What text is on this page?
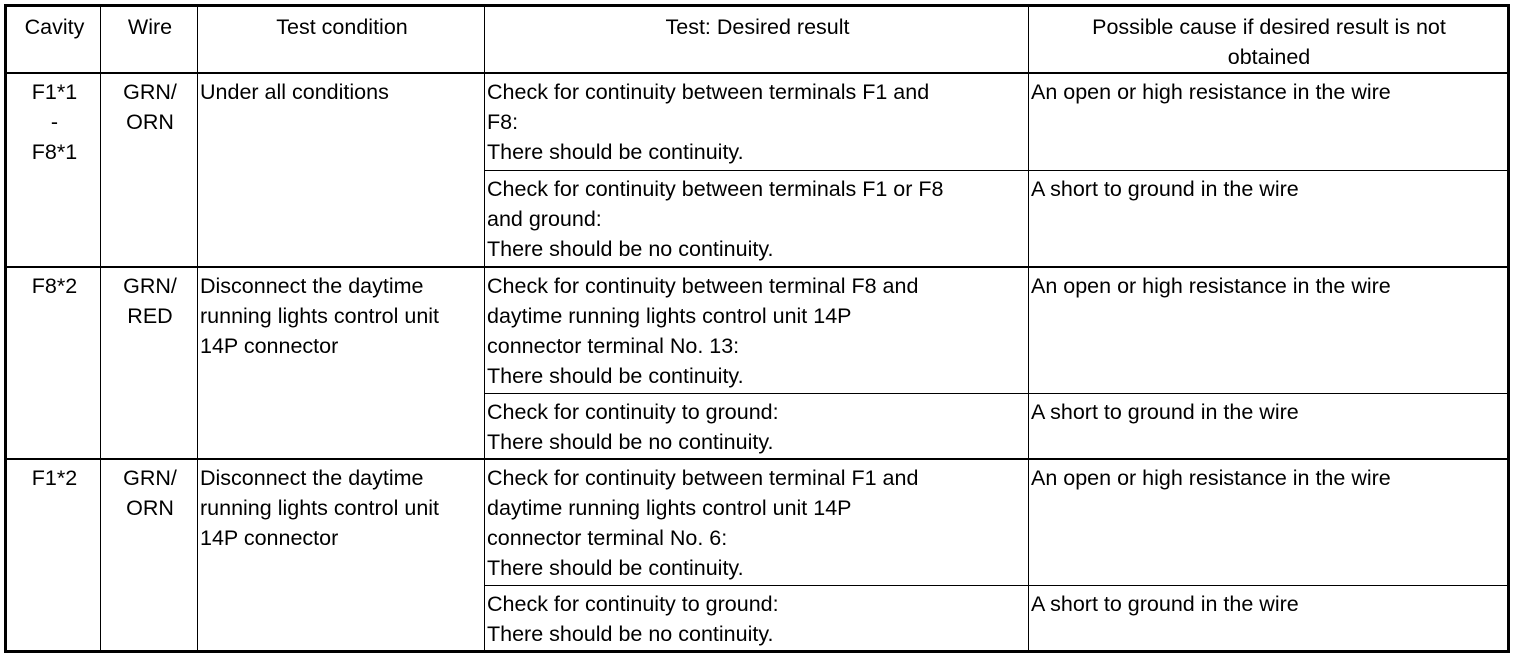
Cavity	Wire	Test condition	Test: Desired result	Possible cause if desired result is not
obtained

F1*1
-
F8*1	GRN/
ORN	Under all conditions	Check for continuity between terminals F1 and
F8:
There should be continuity.	An open or high resistance in the wire

			Check for continuity between terminals F1 or F8
and ground:
There should be no continuity.	A short to ground in the wire

F8*2	GRN/
RED	Disconnect the daytime
running lights control unit
14P connector	Check for continuity between terminal F8 and
daytime running lights control unit 14P
connector terminal No. 13:
There should be continuity.	An open or high resistance in the wire

			Check for continuity to ground:
There should be no continuity.	A short to ground in the wire

F1*2	GRN/
ORN	Disconnect the daytime
running lights control unit
14P connector	Check for continuity between terminal F1 and
daytime running lights control unit 14P
connector terminal No. 6:
There should be continuity.	An open or high resistance in the wire

			Check for continuity to ground:
There should be no continuity.	A short to ground in the wire
